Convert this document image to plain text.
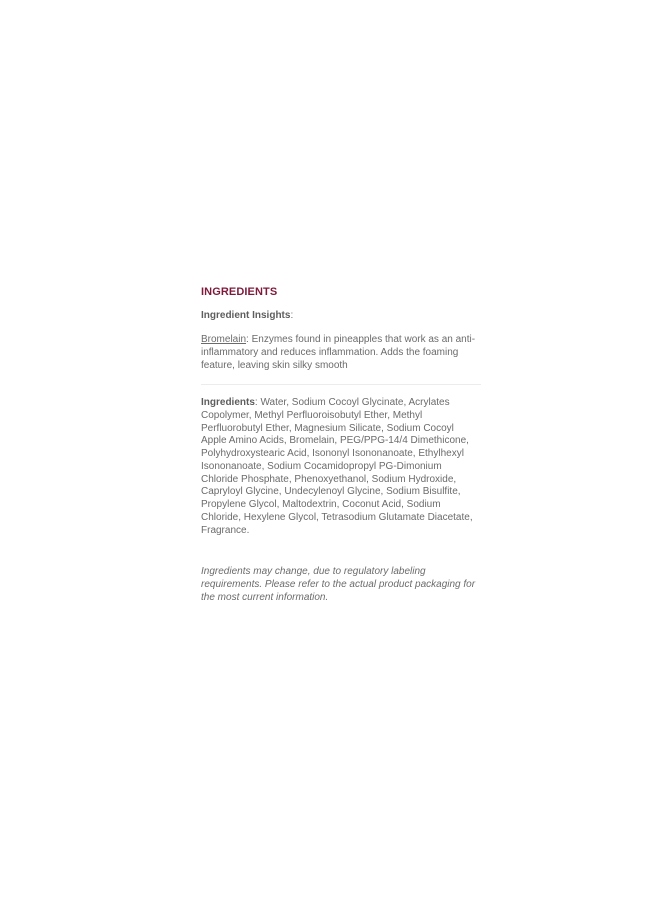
INGREDIENTS
Ingredient Insights:
Bromelain: Enzymes found in pineapples that work as an anti-inflammatory and reduces inflammation. Adds the foaming feature, leaving skin silky smooth
Ingredients: Water, Sodium Cocoyl Glycinate, Acrylates Copolymer, Methyl Perfluoroisobutyl Ether, Methyl Perfluorobutyl Ether, Magnesium Silicate, Sodium Cocoyl Apple Amino Acids, Bromelain, PEG/PPG-14/4 Dimethicone, Polyhydroxystearic Acid, Isononyl Isononanoate, Ethylhexyl Isononanoate, Sodium Cocamidopropyl PG-Dimonium Chloride Phosphate, Phenoxyethanol, Sodium Hydroxide, Capryloyl Glycine, Undecylenoyl Glycine, Sodium Bisulfite, Propylene Glycol, Maltodextrin, Coconut Acid, Sodium Chloride, Hexylene Glycol, Tetrasodium Glutamate Diacetate, Fragrance.
Ingredients may change, due to regulatory labeling requirements. Please refer to the actual product packaging for the most current information.
